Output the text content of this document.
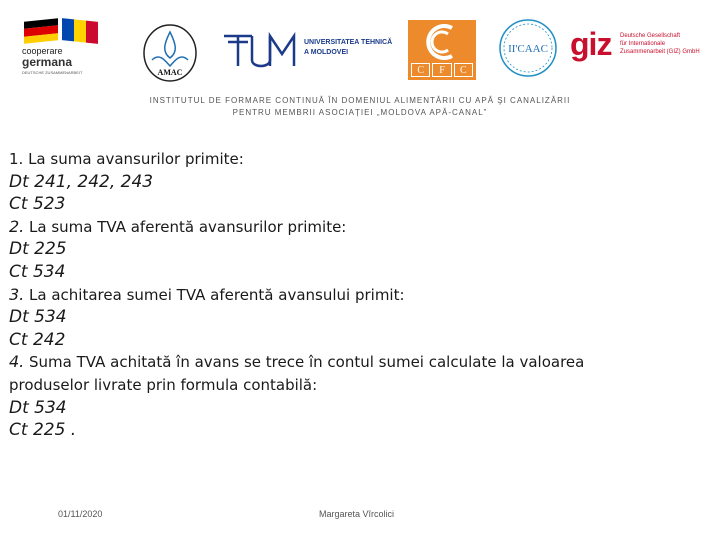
cooperare
germana
DEUTSCHE ZUSAMMENARBEIT	AMAC
UNIVERSITATEA TEHNICĂ
A MOLDOVEI
C	F	C
II'CAAC giz Deutsche Gesellschaft
für Internationale
Zusammenarbeit (GIZ) GmbH
INSTITUTUL DE FORMARE CONTINUĂ ÎN DOMENIUL ALIMENTĂRII CU APĂ ŞI CANALIZĂRII
PENTRU MEMBRII ASOCIAȚIEI „MOLDOVA APĂ-CANAL”
1. La suma avansurilor primite:
Dt 241, 242, 243
Ct 523
2. La suma TVA aferentă avansurilor primite:
Dt 225
Ct 534
3. La achitarea sumei TVA aferentă avansului primit:
Dt 534
Ct 242
4. Suma TVA achitată în avans se trece în contul sumei calculate la valoarea
produselor livrate prin formula contabilă:
Dt 534
Ct 225 .
01/11/2020	Margareta Vîrcolici
